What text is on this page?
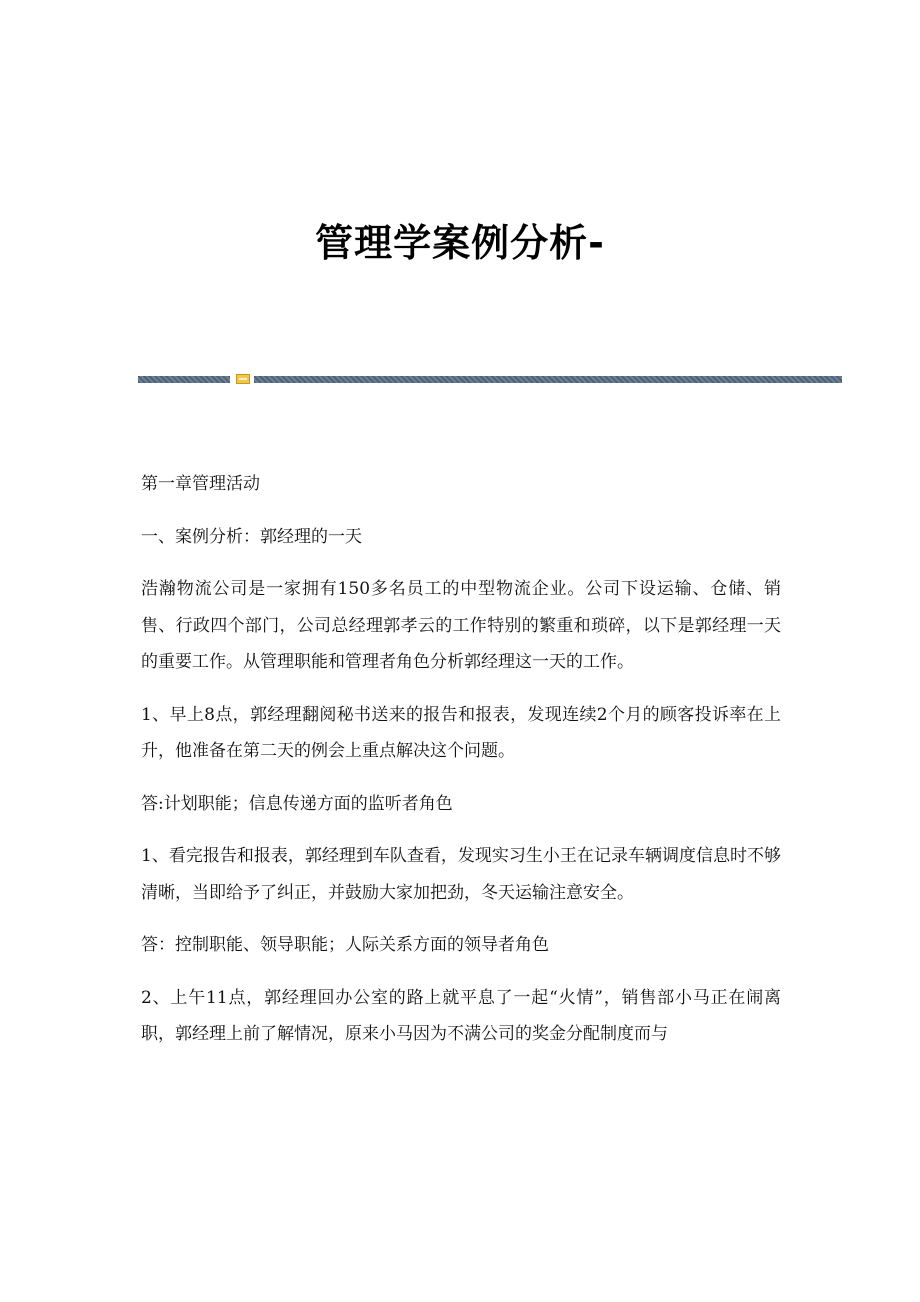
管理学案例分析-

第一章管理活动

一、案例分析：郭经理的一天

浩瀚物流公司是一家拥有150多名员工的中型物流企业。公司下设运输、仓储、销售、行政四个部门，公司总经理郭孝云的工作特别的繁重和琐碎，以下是郭经理一天的重要工作。从管理职能和管理者角色分析郭经理这一天的工作。

1、早上8点，郭经理翻阅秘书送来的报告和报表，发现连续2个月的顾客投诉率在上升，他准备在第二天的例会上重点解决这个问题。

答:计划职能；信息传递方面的监听者角色

1、看完报告和报表，郭经理到车队查看，发现实习生小王在记录车辆调度信息时不够清晰，当即给予了纠正，并鼓励大家加把劲，冬天运输注意安全。

答：控制职能、领导职能；人际关系方面的领导者角色

2、上午11点，郭经理回办公室的路上就平息了一起“火情”，销售部小马正在闹离职，郭经理上前了解情况，原来小马因为不满公司的奖金分配制度而与
